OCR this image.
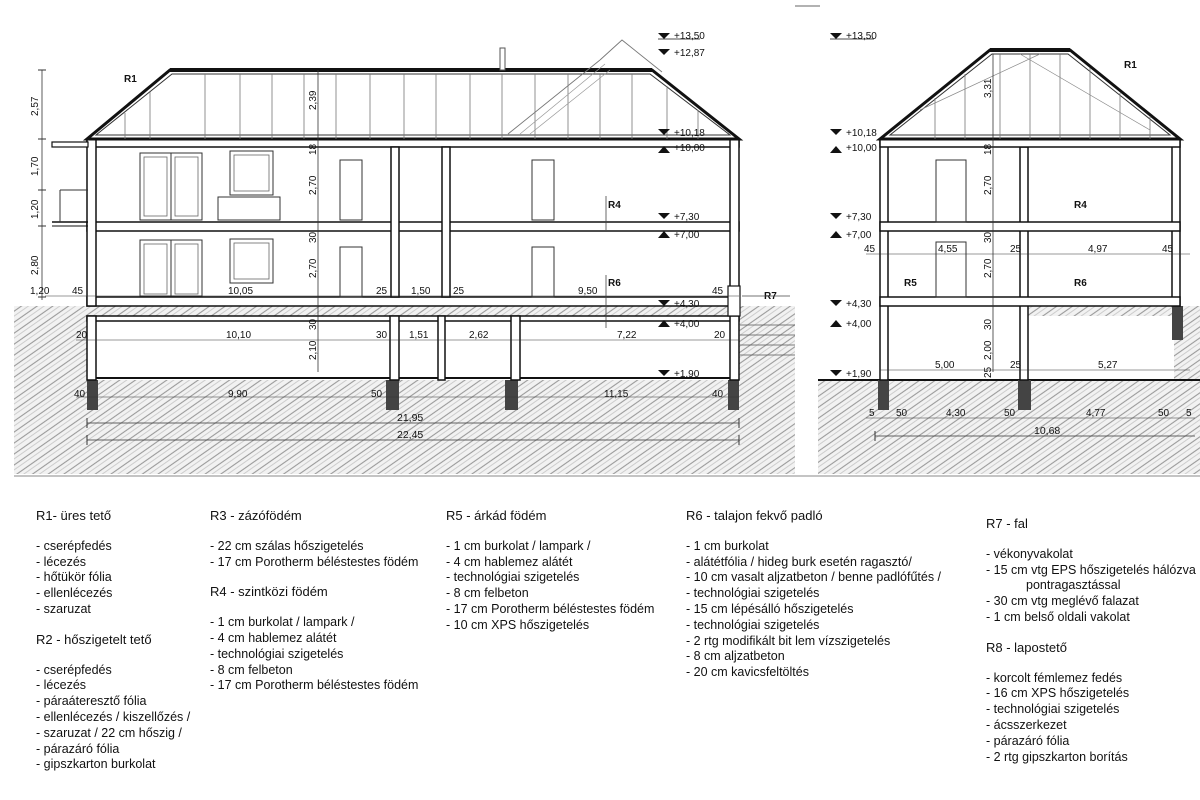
+13,50
+12,87
+10,18
+10,00
+7,30
+7,00
+4,30
+4,00
+1,90
R1
R4
R6
R7
2,57
1,70
1,20
2,80
1,20
2,39
18
2,70
30
2,70
30
2,10
45	10,05	25 1,50 25	9,50	45
20	10,10	30 1,51	2,62	7,22	20
40	9,90	50	11,15	40
21,95
22,45
+13,50
+10,18
+10,00
+7,30
+7,00
+4,30
+4,00
+1,90
R1
R4
R5	R6
3,31
18
2,70
30
2,70
30
2,00
25
45	4,55	25	4,97	45
5,00	25	5,27
5 50	4,30	50	4,77	50 5
10,68
R1- üres tető
- cserépfedés
- lécezés
- hőtükör fólia
- ellenlécezés
- szaruzat
R2 - hőszigetelt tető
- cserépfedés
- lécezés
- páraáteresztő fólia
- ellenlécezés / kiszellőzés /
- szaruzat / 22 cm hőszig /
- párazáró fólia
- gipszkarton burkolat
R3 - zázófödém
- 22 cm szálas hőszigetelés
- 17 cm Porotherm béléstestes födém
R4 - szintközi födém
- 1 cm burkolat / lampark /
- 4 cm hablemez alátét
- technológiai szigetelés
- 8 cm felbeton
- 17 cm Porotherm béléstestes födém
R5 - árkád födém
- 1 cm burkolat / lampark /
- 4 cm hablemez alátét
- technológiai szigetelés
- 8 cm felbeton
- 17 cm Porotherm béléstestes födém
- 10 cm XPS hőszigetelés
R6 - talajon fekvő padló
- 1 cm burkolat
- alátétfólia / hideg burk esetén ragasztó/
- 10 cm vasalt aljzatbeton / benne padlófűtés /
- technológiai szigetelés
- 15 cm lépésálló hőszigetelés
- technológiai szigetelés
- 2 rtg modifikált bit lem vízszigetelés
- 8 cm aljzatbeton
- 20 cm kavicsfeltöltés
R7 - fal
- vékonyvakolat
- 15 cm vtg EPS hőszigetelés hálózva
pontragasztással
- 30 cm vtg meglévő falazat
- 1 cm belső oldali vakolat
R8 - lapostető
- korcolt fémlemez fedés
- 16 cm XPS hőszigetelés
- technológiai szigetelés
- ácsszerkezet
- párazáró fólia
- 2 rtg gipszkarton borítás
